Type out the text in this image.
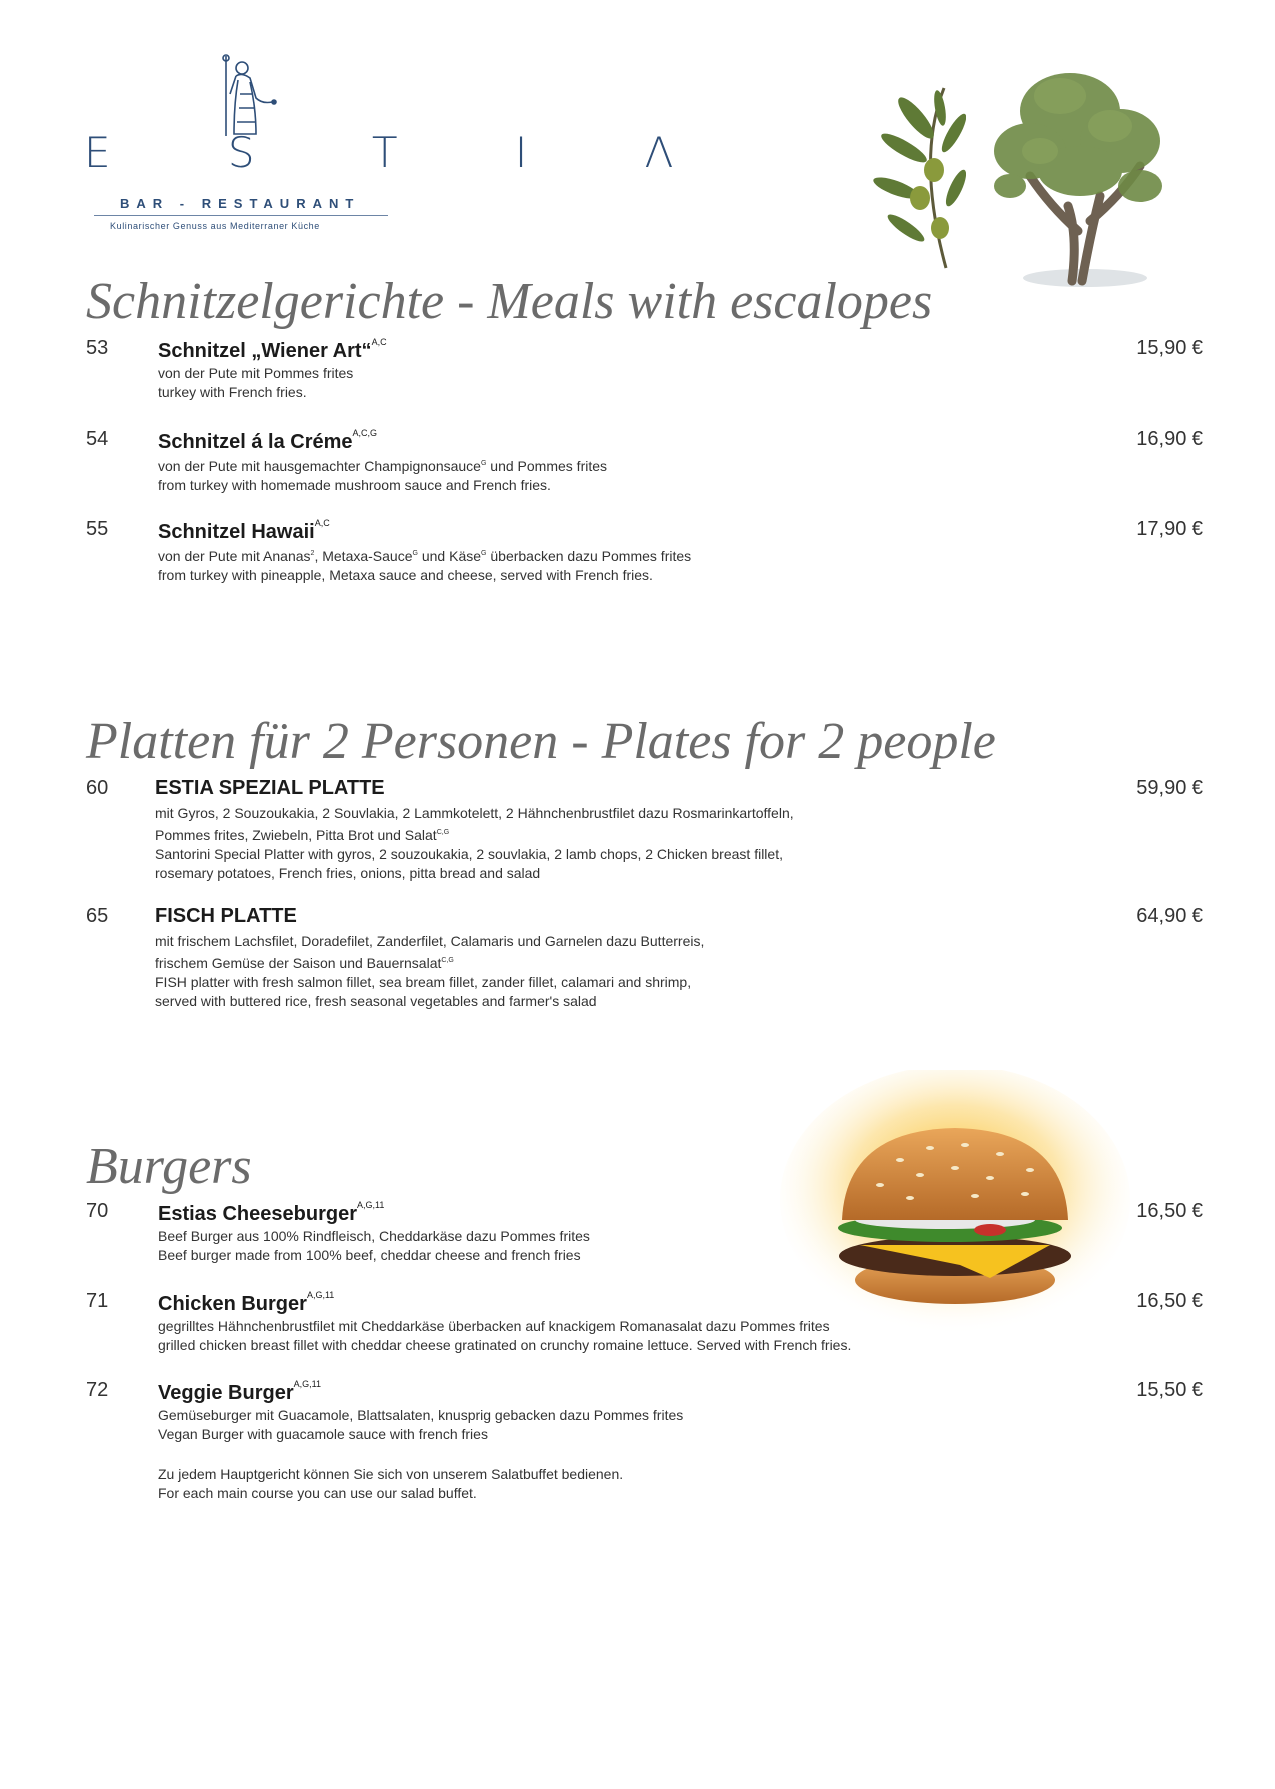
E S T I Λ
BAR - RESTAURANT
Kulinarischer Genuss aus Mediterraner Küche
Schnitzelgerichte - Meals with escalopes
53 Schnitzel „Wiener Art“$^{A,C}$	15,90 €
von der Pute mit Pommes frites
turkey with French fries.
54 Schnitzel á la Créme$^{A,C,G}$	16,90 €
von der Pute mit hausgemachter Champignonsauce$^G$ und Pommes frites
from turkey with homemade mushroom sauce and French fries.
55 Schnitzel Hawaii$^{A,C}$	17,90 €
von der Pute mit Ananas$^2$, Metaxa-Sauce$^G$ und Käse$^G$ überbacken dazu Pommes frites
from turkey with pineapple, Metaxa sauce and cheese, served with French fries.
Platten für 2 Personen - Plates for 2 people
60 ESTIA SPEZIAL PLATTE	59,90 €
mit Gyros, 2 Souzoukakia, 2 Souvlakia, 2 Lammkotelett, 2 Hähnchenbrustfilet dazu Rosmarinkartoffeln,
Pommes frites, Zwiebeln, Pitta Brot und Salat$^{C,G}$
Santorini Special Platter with gyros, 2 souzoukakia, 2 souvlakia, 2 lamb chops, 2 Chicken breast fillet,
rosemary potatoes, French fries, onions, pitta bread and salad
65 FISCH PLATTE	64,90 €
mit frischem Lachsfilet, Doradefilet, Zanderfilet, Calamaris und Garnelen dazu Butterreis,
frischem Gemüse der Saison und Bauernsalat$^{C,G}$
FISH platter with fresh salmon fillet, sea bream fillet, zander fillet, calamari and shrimp,
served with buttered rice, fresh seasonal vegetables and farmer's salad
Burgers
70 Estias Cheeseburger$^{A,G,11}$	16,50 €
Beef Burger aus 100% Rindfleisch, Cheddarkäse dazu Pommes frites
Beef burger made from 100% beef, cheddar cheese and french fries
71 Chicken Burger$^{A,G,11}$	16,50 €
gegrilltes Hähnchenbrustfilet mit Cheddarkäse überbacken auf knackigem Romanasalat dazu Pommes frites
grilled chicken breast fillet with cheddar cheese gratinated on crunchy romaine lettuce. Served with French fries.
72 Veggie Burger$^{A,G,11}$	15,50 €
Gemüseburger mit Guacamole, Blattsalaten, knusprig gebacken dazu Pommes frites
Vegan Burger with guacamole sauce with french fries
Zu jedem Hauptgericht können Sie sich von unserem Salatbuffet bedienen.
For each main course you can use our salad buffet.
